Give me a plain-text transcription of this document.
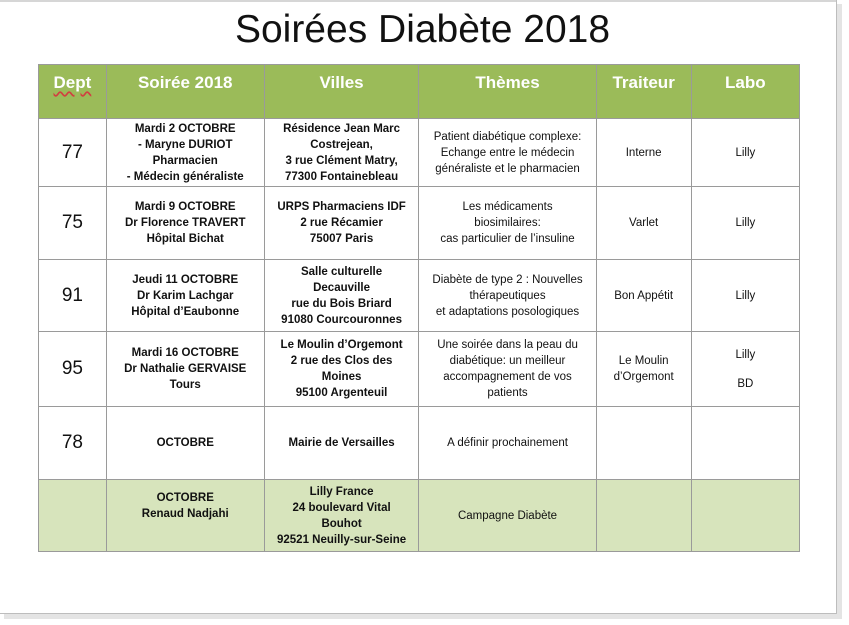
Soirées Diabète 2018
Dept	Soirée 2018	Villes	Thèmes	Traiteur	Labo
77	Mardi 2 OCTOBRE
- Maryne DURIOT
Pharmacien
- Médecin généraliste	Résidence Jean Marc
Costrejean,
3 rue Clément Matry,
77300 Fontainebleau	Patient diabétique complexe:
Echange entre le médecin
généraliste et le pharmacien	Interne	Lilly

75	Mardi 9 OCTOBRE
Dr Florence TRAVERT
Hôpital Bichat	URPS Pharmaciens IDF
2 rue Récamier
75007 Paris	Les médicaments
biosimilaires:
cas particulier de l’insuline	Varlet	Lilly

91	Jeudi 11 OCTOBRE
Dr Karim Lachgar
Hôpital d’Eaubonne	Salle culturelle
Decauville
rue du Bois Briard
91080 Courcouronnes	Diabète de type 2 : Nouvelles
thérapeutiques
et adaptations posologiques	Bon Appétit	Lilly

95	Mardi 16 OCTOBRE
Dr Nathalie GERVAISE
Tours	Le Moulin d’Orgemont
2 rue des Clos des
Moines
95100 Argenteuil	Une soirée dans la peau du
diabétique: un meilleur
accompagnement de vos
patients	Le Moulin d’Orgemont	Lilly
BD

78	OCTOBRE	Mairie de Versailles	A définir prochainement		

	OCTOBRE
Renaud Nadjahi	Lilly France
24 boulevard Vital
Bouhot
92521 Neuilly-sur-Seine	Campagne Diabète		
